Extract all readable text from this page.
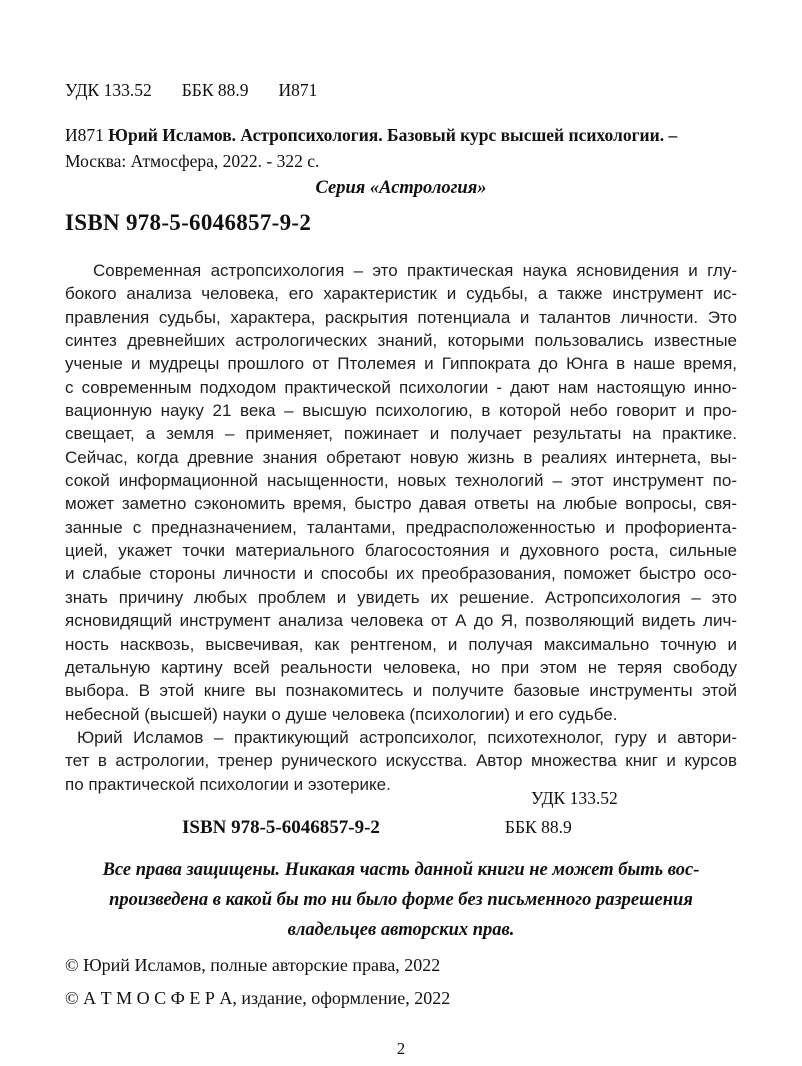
УДК 133.52 ББК 88.9 И871
И871 Юрий Исламов. Астропсихология. Базовый курс высшей психологии. –
Москва: Атмосфера, 2022. - 322 с.
Серия «Астрология»
ISBN 978-5-6046857-9-2
Современная астропсихология – это практическая наука ясновидения и глу-
бокого анализа человека, его характеристик и судьбы, а также инструмент ис-
правления судьбы, характера, раскрытия потенциала и талантов личности. Это
синтез древнейших астрологических знаний, которыми пользовались известные
ученые и мудрецы прошлого от Птолемея и Гиппократа до Юнга в наше время,
с современным подходом практической психологии - дают нам настоящую инно-
вационную науку 21 века – высшую психологию, в которой небо говорит и про-
свещает, а земля – применяет, пожинает и получает результаты на практике.
Сейчас, когда древние знания обретают новую жизнь в реалиях интернета, вы-
сокой информационной насыщенности, новых технологий – этот инструмент по-
может заметно сэкономить время, быстро давая ответы на любые вопросы, свя-
занные с предназначением, талантами, предрасположенностью и профориента-
цией, укажет точки материального благосостояния и духовного роста, сильные
и слабые стороны личности и способы их преобразования, поможет быстро осо-
знать причину любых проблем и увидеть их решение. Астропсихология – это
ясновидящий инструмент анализа человека от А до Я, позволяющий видеть лич-
ность насквозь, высвечивая, как рентгеном, и получая максимально точную и
детальную картину всей реальности человека, но при этом не теряя свободу
выбора. В этой книге вы познакомитесь и получите базовые инструменты этой
небесной (высшей) науки о душе человека (психологии) и его судьбе.
Юрий Исламов – практикующий астропсихолог, психотехнолог, гуру и автори-
тет в астрологии, тренер рунического искусства. Автор множества книг и курсов
по практической психологии и эзотерике.
УДК 133.52
ISBN 978-5-6046857-9-2	ББК 88.9
Все права защищены. Никакая часть данной книги не может быть вос-
произведена в какой бы то ни было форме без письменного разрешения
владельцев авторских прав.
© Юрий Исламов, полные авторские права, 2022
© А Т М О С Ф Е Р А, издание, оформление, 2022
2
